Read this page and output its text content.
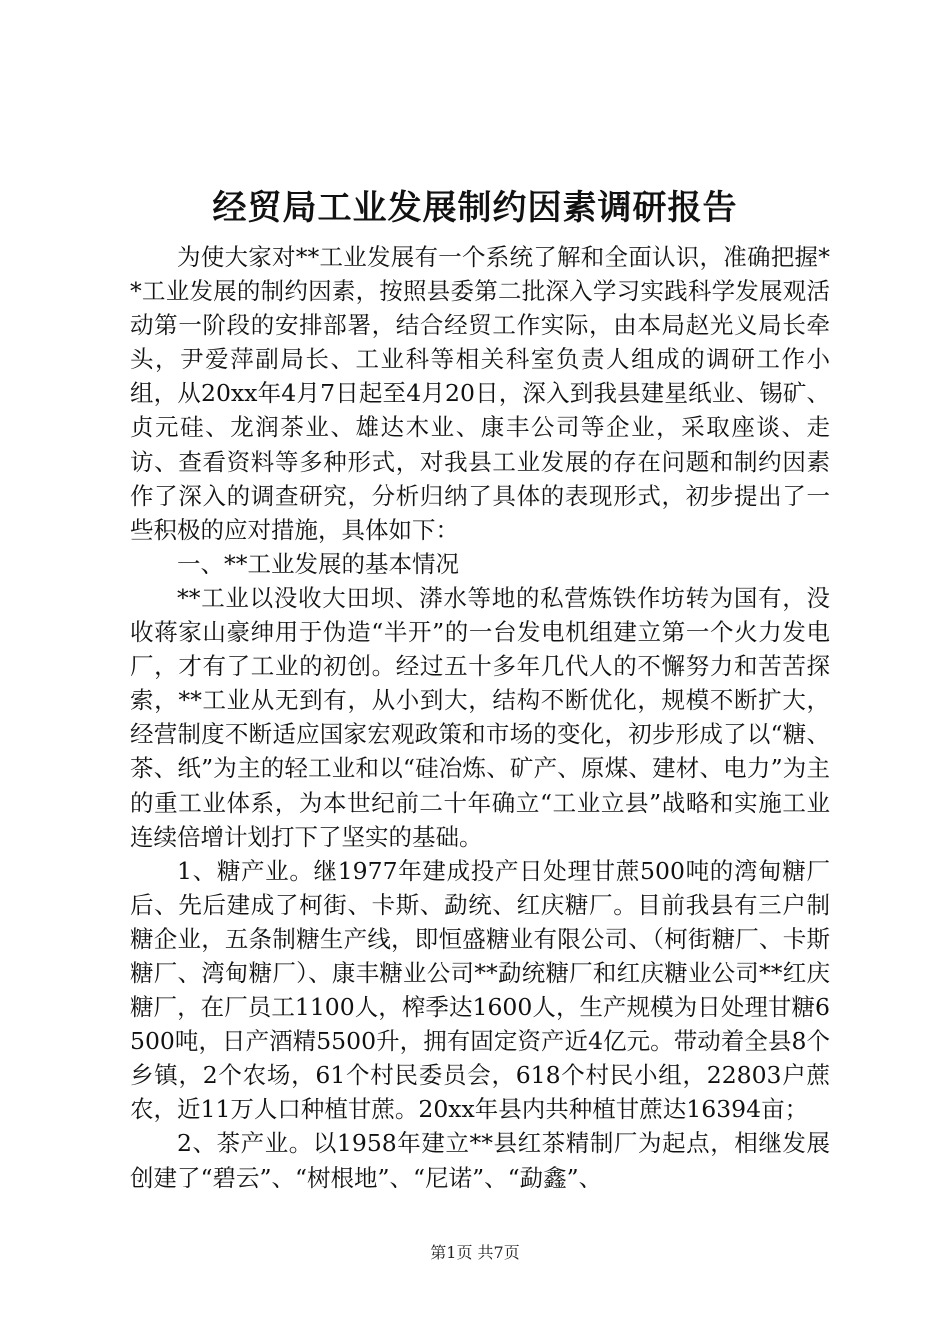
经贸局工业发展制约因素调研报告

为使大家对**工业发展有一个系统了解和全面认识，准确把握**工业发展的制约因素，按照县委第二批深入学习实践科学发展观活动第一阶段的安排部署，结合经贸工作实际，由本局赵光义局长牵头，尹爱萍副局长、工业科等相关科室负责人组成的调研工作小组，从20xx年4月7日起至4月20日，深入到我县建星纸业、锡矿、贞元硅、龙润茶业、雄达木业、康丰公司等企业，采取座谈、走访、查看资料等多种形式，对我县工业发展的存在问题和制约因素作了深入的调查研究，分析归纳了具体的表现形式，初步提出了一些积极的应对措施，具体如下：

一、**工业发展的基本情况

**工业以没收大田坝、漭水等地的私营炼铁作坊转为国有，没收蒋家山豪绅用于伪造“半开”的一台发电机组建立第一个火力发电厂，才有了工业的初创。经过五十多年几代人的不懈努力和苦苦探索，**工业从无到有，从小到大，结构不断优化，规模不断扩大，经营制度不断适应国家宏观政策和市场的变化，初步形成了以“糖、茶、纸”为主的轻工业和以“硅冶炼、矿产、原煤、建材、电力”为主的重工业体系，为本世纪前二十年确立“工业立县”战略和实施工业连续倍增计划打下了坚实的基础。

1、糖产业。继1977年建成投产日处理甘蔗500吨的湾甸糖厂后、先后建成了柯街、卡斯、勐统、红庆糖厂。目前我县有三户制糖企业，五条制糖生产线，即恒盛糖业有限公司、（柯街糖厂、卡斯糖厂、湾甸糖厂）、康丰糖业公司**勐统糖厂和红庆糖业公司**红庆糖厂，在厂员工1100人，榨季达1600人，生产规模为日处理甘糖6500吨，日产酒精5500升，拥有固定资产近4亿元。带动着全县8个乡镇，2个农场，61个村民委员会，618个村民小组，22803户蔗农，近11万人口种植甘蔗。20xx年县内共种植甘蔗达16394亩；

2、茶产业。以1958年建立**县红茶精制厂为起点，相继发展创建了“碧云”、“树根地”、“尼诺”、“勐鑫”、

第1页 共7页
